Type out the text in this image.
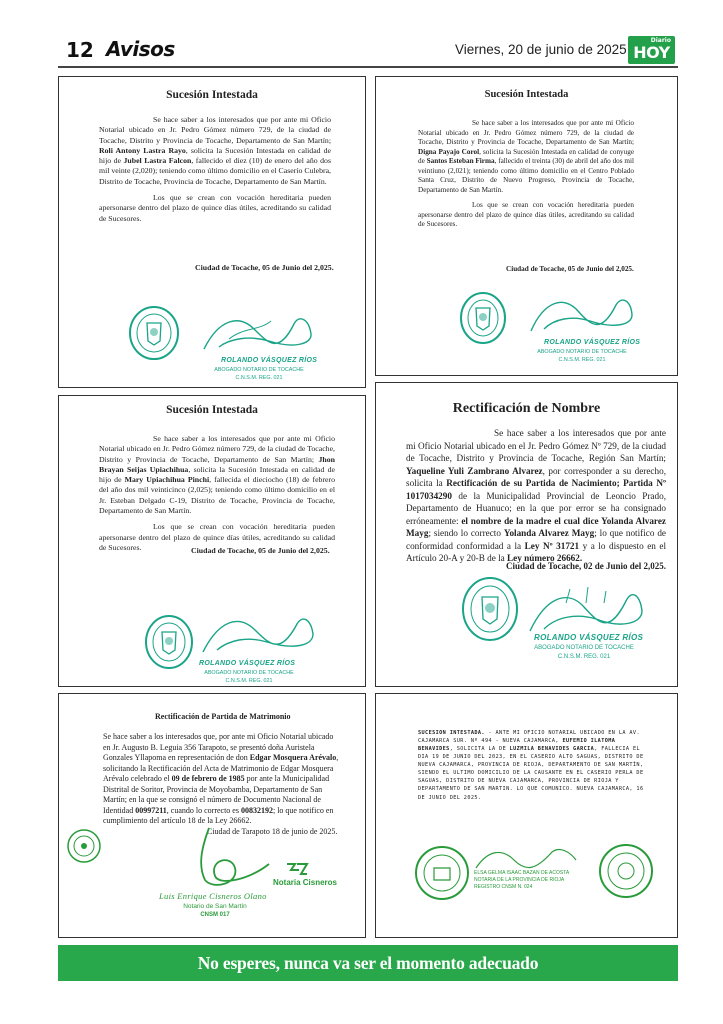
12 Avisos	Viernes, 20 de junio de 2025
Diario
HOY
Sucesión Intestada

Se hace saber a los interesados que por ante mi Oficio Notarial ubicado en Jr. Pedro Gómez número 729, de la ciudad de Tocache, Distrito y Provincia de Tocache, Departamento de San Martín; Roli Antony Lastra Rayo, solicita la Sucesión Intestada en calidad de hijo de Jubel Lastra Falcon, fallecido el diez (10) de enero del año dos mil veinte (2,020); teniendo como último domicilio en el Caserío Culebra, Distrito de Tocache, Provincia de Tocache, Departamento de San Martín.

Los que se crean con vocación hereditaria pueden apersonarse dentro del plazo de quince días útiles, acreditando su calidad de Sucesores.

Ciudad de Tocache, 05 de Junio del 2,025.
ROLANDO VÁSQUEZ RÍOS
ABOGADO NOTARIO DE TOCACHE
C.N.S.M. REG. 021
Sucesión Intestada

Se hace saber a los interesados que por ante mi Oficio Notarial ubicado en Jr. Pedro Gómez número 729, de la ciudad de Tocache, Distrito y Provincia de Tocache, Departamento de San Martín; Digna Payajo Corol, solicita la Sucesión Intestada en calidad de conyuge de Santos Esteban Firma, fallecido el treinta (30) de abril del año dos mil veintiuno (2,021); teniendo como último domicilio en el Centro Poblado Santa Cruz, Distrito de Nuevo Progreso, Provincia de Tocache, Departamento de San Martín.

Los que se crean con vocación hereditaria pueden apersonarse dentro del plazo de quince días útiles, acreditando su calidad de Sucesores.

Ciudad de Tocache, 05 de Junio del 2,025.
ROLANDO VÁSQUEZ RÍOS
ABOGADO NOTARIO DE TOCACHE
C.N.S.M. REG. 021
Sucesión Intestada

Se hace saber a los interesados que por ante mi Oficio Notarial ubicado en Jr. Pedro Gómez número 729, de la ciudad de Tocache, Distrito y Provincia de Tocache, Departamento de San Martín; Jhon Brayan Seijas Upiachihua, solicita la Sucesión Intestada en calidad de hijo de Mary Upiachihua Pinchi, fallecida el dieciocho (18) de febrero del año dos mil veinticinco (2,025); teniendo como último domicilio en el Jr. Esteban Delgado C-19, Distrito de Tocache, Provincia de Tocache, Departamento de San Martín.

Los que se crean con vocación hereditaria pueden apersonarse dentro del plazo de quince días útiles, acreditando su calidad de Sucesores.	Ciudad de Tocache, 05 de Junio del 2,025.
ROLANDO VÁSQUEZ RÍOS
ABOGADO NOTARIO DE TOCACHE
C.N.S.M. REG. 021
Rectificación de Nombre

Se hace saber a los interesados que por ante mi Oficio Notarial ubicado en el Jr. Pedro Gómez Nº 729, de la ciudad de Tocache, Distrito y Provincia de Tocache, Región San Martín; Yaqueline Yuli Zambrano Alvarez, por corresponder a su derecho, solicita la Rectificación de su Partida de Nacimiento; Partida Nº 1017034290 de la Municipalidad Provincial de Leoncio Prado, Departamento de Huanuco; en la que por error se ha consignado erróneamente: el nombre de la madre el cual dice Yolanda Alvarez Mayg; siendo lo correcto Yolanda Alvarez Mayg; lo que notifico de conformidad conformidad a la Ley Nº 31721 y a lo dispuesto en el Artículo 20-A y 20-B de la Ley número 26662.

Ciudad de Tocache, 02 de Junio del 2,025.
ROLANDO VÁSQUEZ RÍOS
ABOGADO NOTARIO DE TOCACHE
C.N.S.M. REG. 021
Rectificación de Partida de Matrimonio

Se hace saber a los interesados que, por ante mi Oficio Notarial ubicado en Jr. Augusto B. Leguia 356 Tarapoto, se presentó doña Auristela Gonzales Yllapoma en representación de don Edgar Mosquera Arévalo, solicitando la Rectificación del Acta de Matrimonio de Edgar Mosquera Arévalo celebrado el 09 de febrero de 1985 por ante la Municipalidad Distrital de Soritor, Provincia de Moyobamba, Departamento de San Martín; en la que se consignó el número de Documento Nacional de Identidad 00997211, cuando lo correcto es 00832192; lo que notifico en cumplimiento del artículo 18 de la Ley 26662.

Ciudad de Tarapoto 18 de junio de 2025.
Luis Enrique Cisneros Olano
Notario de San Martín
CNSM 017
Notaria Cisneros

SUCESION INTESTADA. - ANTE MI OFICIO NOTARIAL UBICADO EN LA AV. CAJAMARCA SUR. Nº 494 - NUEVA CAJAMARCA, EUFEMIO ILATOMA BENAVIDES, SOLICITA LA DE LUZMILA BENAVIDES GARCIA, FALLECIA EL DIA 19 DE JUNIO DEL 2023, EN EL CASERIO ALTO SAGUAS, DISTRITO DE NUEVA CAJAMARCA, PROVINCIA DE RIOJA, DEPARTAMENTO DE SAN MARTÍN, SIENDO EL ULTIMO DOMICILIO DE LA CAUSANTE EN EL CASERIO PERLA DE SAGUAS, DISTRITO DE NUEVA CAJAMARCA, PROVINCIA DE RIOJA Y DEPARTAMENTO DE SAN MARTIN. LO QUE COMUNICO. NUEVA CAJAMARCA, 16 DE JUNIO DEL 2025.

ELSA GELMA ISAAC BAZAN DE ACOSTA
NOTARIA DE LA PROVINCIA DE RIOJA
REGISTRO CNSM N. 024
No esperes, nunca va ser el momento adecuado
